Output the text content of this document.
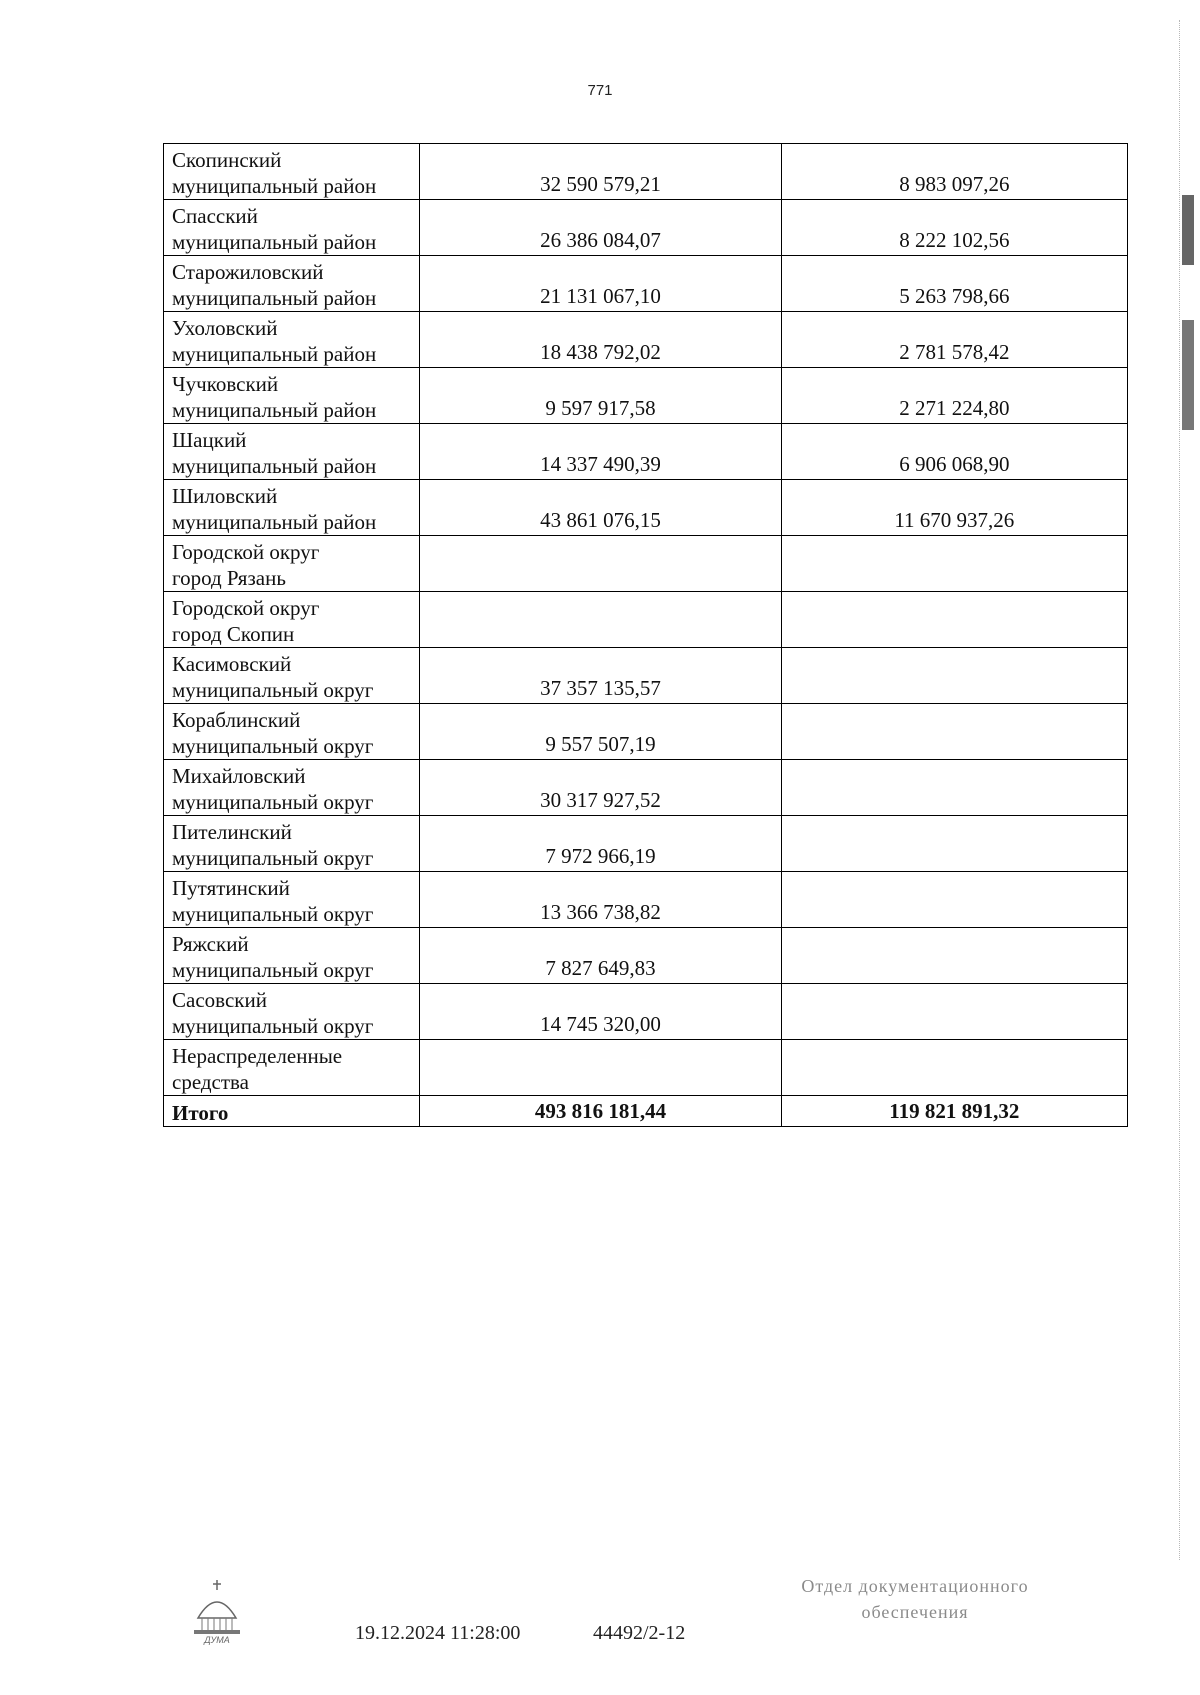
771
Скопинский
муниципальный район	32 590 579,21	8 983 097,26

Спасский
муниципальный район	26 386 084,07	8 222 102,56

Старожиловский
муниципальный район	21 131 067,10	5 263 798,66

Ухоловский
муниципальный район	18 438 792,02	2 781 578,42

Чучковский
муниципальный район	9 597 917,58	2 271 224,80

Шацкий
муниципальный район	14 337 490,39	6 906 068,90

Шиловский
муниципальный район	43 861 076,15	11 670 937,26

Городской округ
город Рязань		

Городской округ
город Скопин		

Касимовский
муниципальный округ	37 357 135,57	

Кораблинский
муниципальный округ	9 557 507,19	

Михайловский
муниципальный округ	30 317 927,52	

Пителинский
муниципальный округ	7 972 966,19	

Путятинский
муниципальный округ	13 366 738,82	

Ряжский
муниципальный округ	7 827 649,83	

Сасовский
муниципальный округ	14 745 320,00	

Нераспределенные
средства		

Итого	493 816 181,44	119 821 891,32
ДУМА	19.12.2024 11:28:00	44492/2-12
Отдел документационного
обеспечения
